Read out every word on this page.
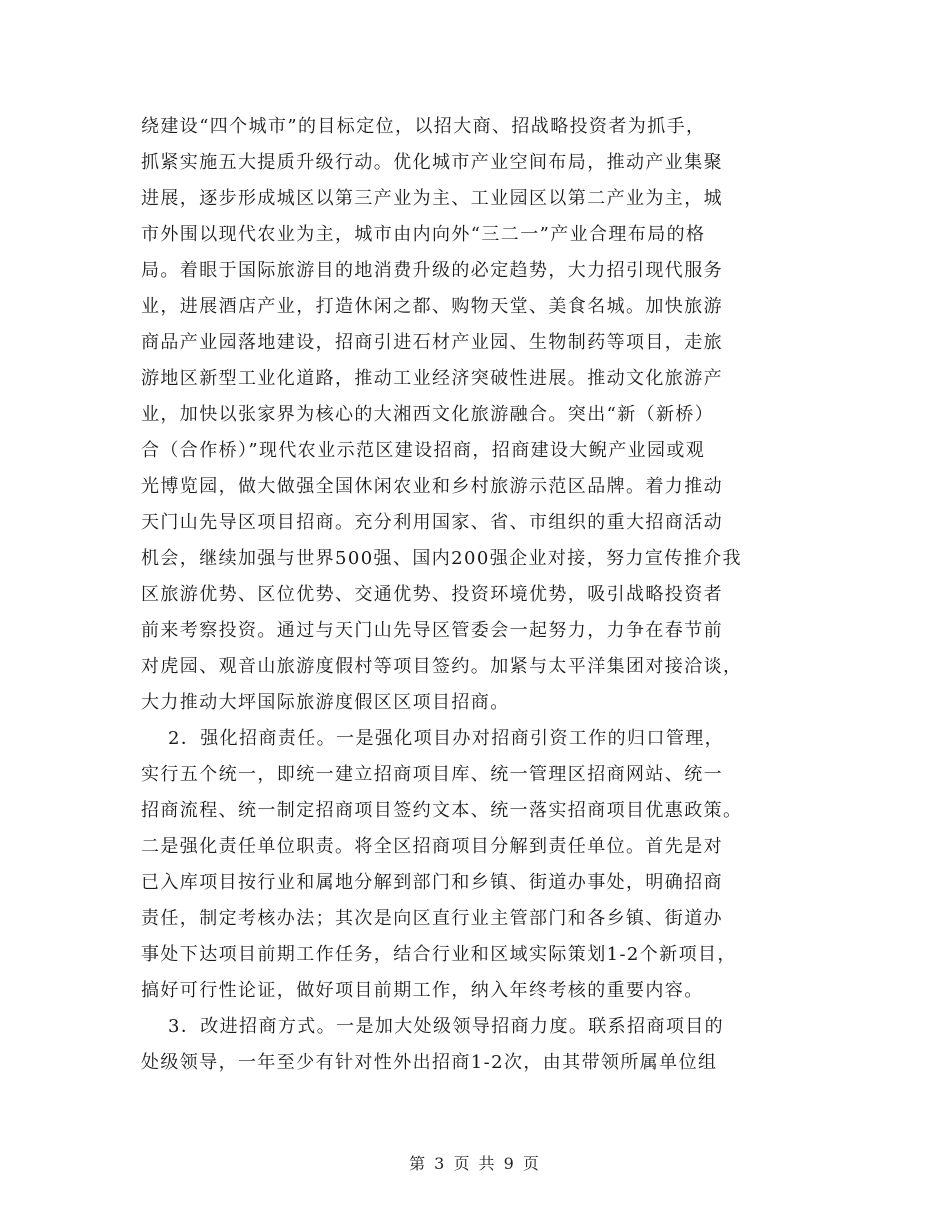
绕建设“四个城市”的目标定位，以招大商、招战略投资者为抓手，
抓紧实施五大提质升级行动。优化城市产业空间布局，推动产业集聚
进展，逐步形成城区以第三产业为主、工业园区以第二产业为主，城
市外围以现代农业为主，城市由内向外“三二一”产业合理布局的格
局。着眼于国际旅游目的地消费升级的必定趋势，大力招引现代服务
业，进展酒店产业，打造休闲之都、购物天堂、美食名城。加快旅游
商品产业园落地建设，招商引进石材产业园、生物制药等项目，走旅
游地区新型工业化道路，推动工业经济突破性进展。推动文化旅游产
业，加快以张家界为核心的大湘西文化旅游融合。突出“新（新桥）
合（合作桥）”现代农业示范区建设招商，招商建设大鲵产业园或观
光博览园，做大做强全国休闲农业和乡村旅游示范区品牌。着力推动
天门山先导区项目招商。充分利用国家、省、市组织的重大招商活动
机会，继续加强与世界500强、国内200强企业对接，努力宣传推介我
区旅游优势、区位优势、交通优势、投资环境优势，吸引战略投资者
前来考察投资。通过与天门山先导区管委会一起努力，力争在春节前
对虎园、观音山旅游度假村等项目签约。加紧与太平洋集团对接洽谈，
大力推动大坪国际旅游度假区区项目招商。
2．强化招商责任。一是强化项目办对招商引资工作的归口管理，
实行五个统一，即统一建立招商项目库、统一管理区招商网站、统一
招商流程、统一制定招商项目签约文本、统一落实招商项目优惠政策。
二是强化责任单位职责。将全区招商项目分解到责任单位。首先是对
已入库项目按行业和属地分解到部门和乡镇、街道办事处，明确招商
责任，制定考核办法；其次是向区直行业主管部门和各乡镇、街道办
事处下达项目前期工作任务，结合行业和区域实际策划1-2个新项目，
搞好可行性论证，做好项目前期工作，纳入年终考核的重要内容。
3．改进招商方式。一是加大处级领导招商力度。联系招商项目的
处级领导，一年至少有针对性外出招商1-2次，由其带领所属单位组
第 3 页 共 9 页
